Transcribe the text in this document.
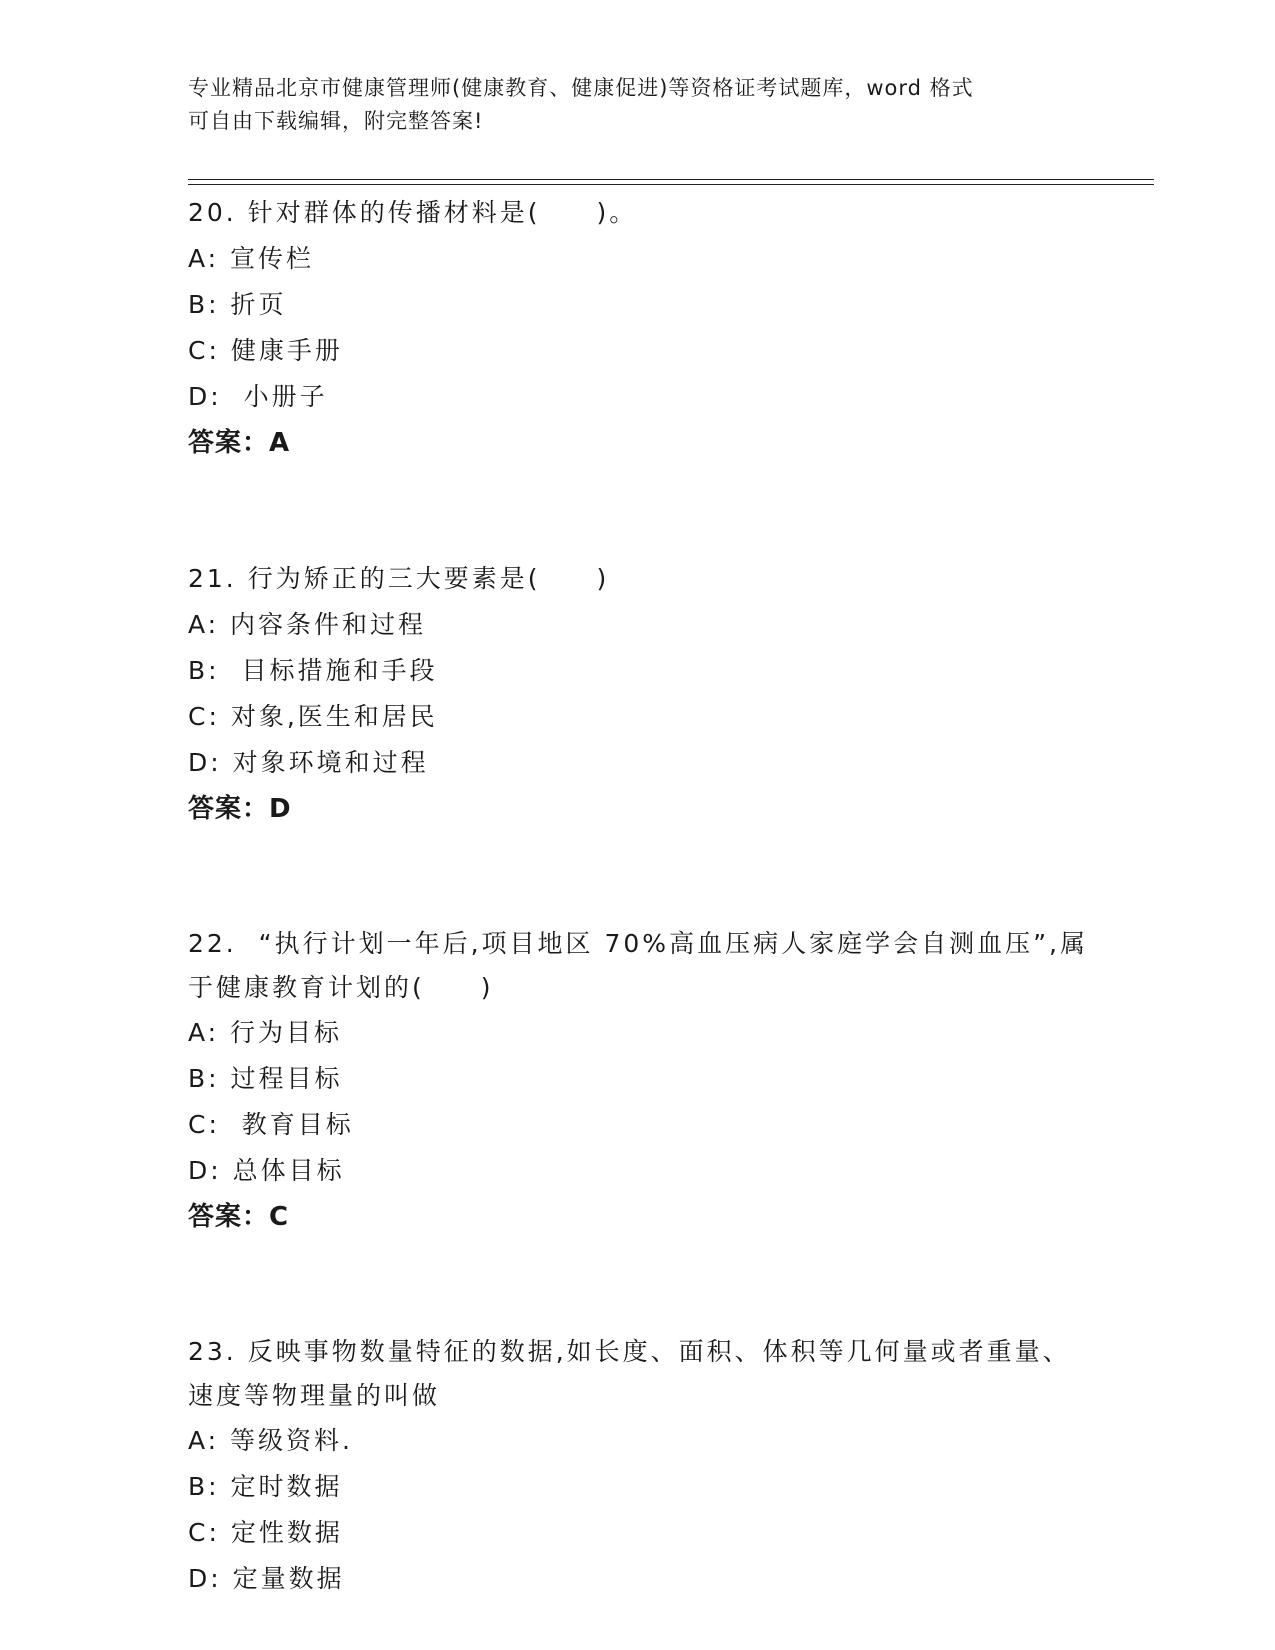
专业精品北京市健康管理师(健康教育、健康促进)等资格证考试题库，word 格式
可自由下载编辑，附完整答案!

20. 针对群体的传播材料是(　　)。

A: 宣传栏

B: 折页

C: 健康手册

D:  小册子

答案：A

21. 行为矫正的三大要素是(　　)

A: 内容条件和过程

B:  目标措施和手段

C: 对象,医生和居民

D: 对象环境和过程

答案：D

22.  “执行计划一年后,项目地区 70%高血压病人家庭学会自测血压”,属于健康教育计划的(　　)

A: 行为目标

B: 过程目标

C:  教育目标

D: 总体目标

答案：C

23. 反映事物数量特征的数据,如长度、面积、体积等几何量或者重量、速度等物理量的叫做

A: 等级资料.

B: 定时数据

C: 定性数据

D: 定量数据
